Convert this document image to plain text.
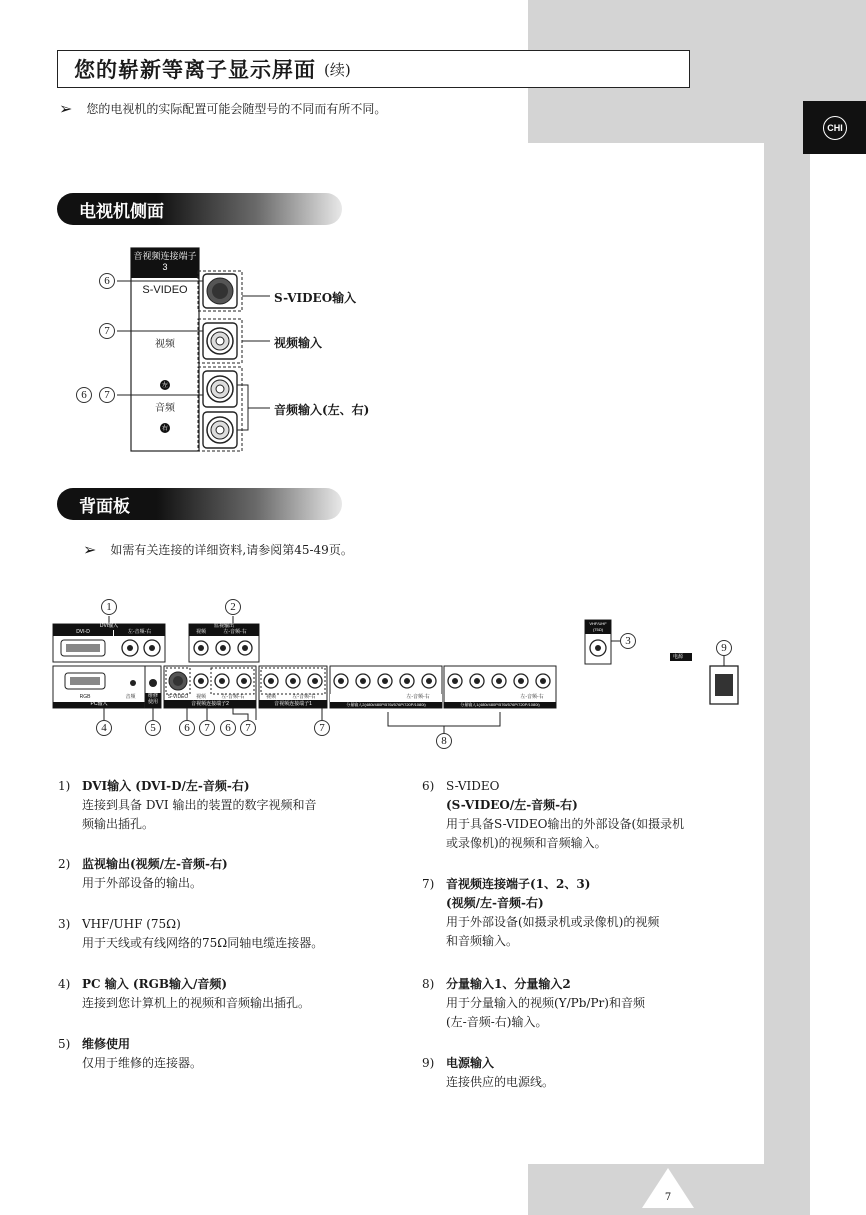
您的崭新等离子显示屏面 (续)
➢ 您的电视机的实际配置可能会随型号的不同而有所不同。
CHI
电视机侧面
音视频连接端子3
S-VIDEO
视频
左
音频
右
6
7
6	7
S-VIDEO输入
视频输入
音频输入(左、右)
背面板
➢ 如需有关连接的详细资料,请参阅第45-49页。
DVI输入
DVI-D	左-音频-右
监视输出
视频	左-音频-右
RGB	音频
PC输入
维修使用
S-VIDEO	视频	左-音频-右
音视频连接端子2
视频	左-音频-右
音视频连接端子1
左-音频-右
分量输入2(480i/480P/576i/576P/720P/1080i)
左-音频-右
分量输入1(480i/480P/576i/576P/720P/1080i)
VHF/UHF (75Ω)
电源
1	2
3
4	5	6	7	6	7	7
8
9
1) DVI输入 (DVI-D/左-音频-右)
连接到具备 DVI 输出的装置的数字视频和音
频输出插孔。
2) 监视输出(视频/左-音频-右)
用于外部设备的输出。
3) VHF/UHF (75Ω)
用于天线或有线网络的75Ω同轴电缆连接器。
4) PC 输入 (RGB输入/音频)
连接到您计算机上的视频和音频输出插孔。
5) 维修使用
仅用于维修的连接器。
6) S-VIDEO
(S-VIDEO/左-音频-右)
用于具备S-VIDEO输出的外部设备(如摄录机
或录像机)的视频和音频输入。
7) 音视频连接端子(1、2、3)
(视频/左-音频-右)
用于外部设备(如摄录机或录像机)的视频
和音频输入。
8) 分量输入1、分量输入2
用于分量输入的视频(Y/Pb/Pr)和音频
(左-音频-右)输入。
9) 电源输入
连接供应的电源线。
7
